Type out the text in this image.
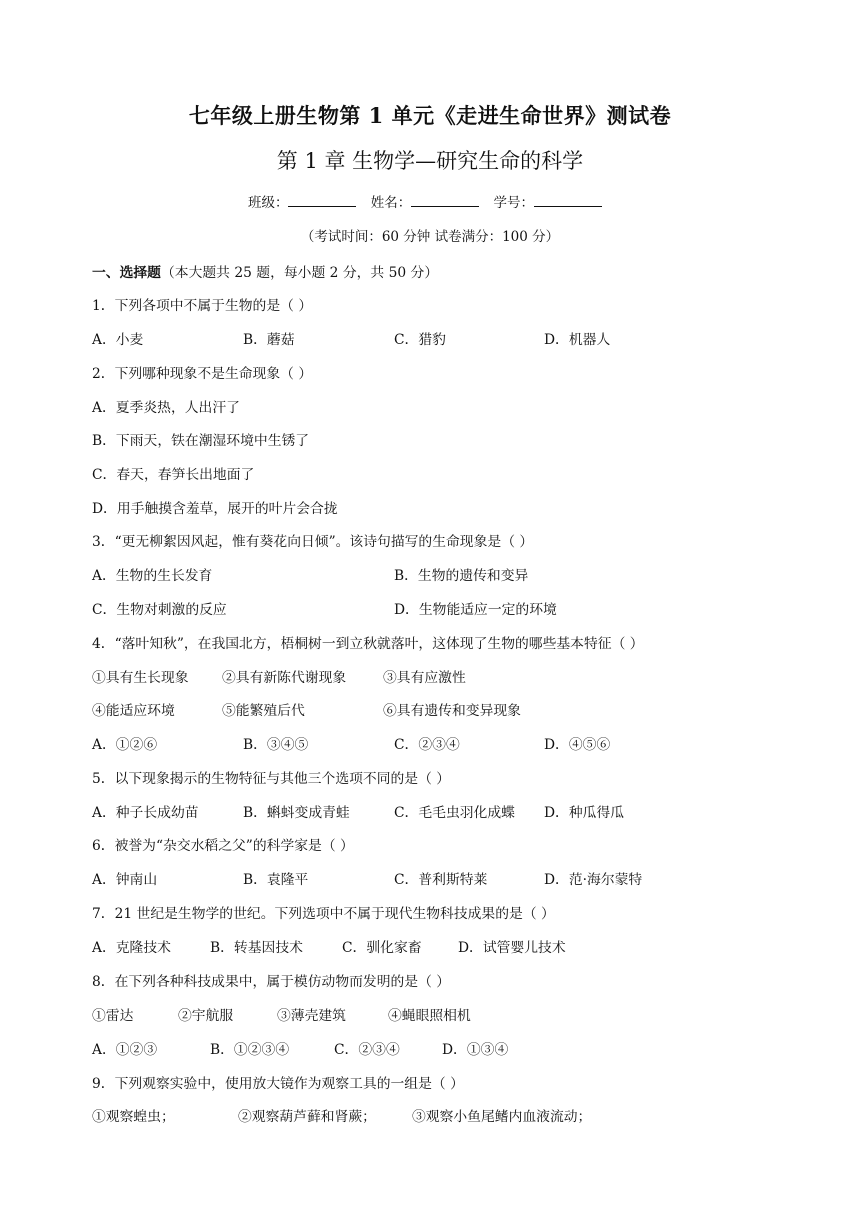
七年级上册生物第 1 单元《走进生命世界》测试卷
第 1 章 生物学—研究生命的科学
班级：	姓名：	学号：
（考试时间：60 分钟 试卷满分：100 分）
一、选择题（本大题共 25 题，每小题 2 分，共 50 分）
1．下列各项中不属于生物的是（ ）
A．小麦	B．蘑菇	C．猎豹	D．机器人
2．下列哪种现象不是生命现象（ ）
A．夏季炎热，人出汗了
B．下雨天，铁在潮湿环境中生锈了
C．春天，春笋长出地面了
D．用手触摸含羞草，展开的叶片会合拢
3．“更无柳絮因风起，惟有葵花向日倾”。该诗句描写的生命现象是（ ）
A．生物的生长发育	B．生物的遗传和变异
C．生物对刺激的反应	D．生物能适应一定的环境
4．“落叶知秋”，在我国北方，梧桐树一到立秋就落叶，这体现了生物的哪些基本特征（ ）
①具有生长现象 ②具有新陈代谢现象	③具有应激性
④能适应环境	⑤能繁殖后代	⑥具有遗传和变异现象
A．①②⑥	B．③④⑤	C．②③④	D．④⑤⑥
5．以下现象揭示的生物特征与其他三个选项不同的是（ ）
A．种子长成幼苗	B．蝌蚪变成青蛙	C．毛毛虫羽化成蝶 D．种瓜得瓜
6．被誉为“杂交水稻之父”的科学家是（ ）
A．钟南山	B．袁隆平	C．普利斯特莱	D．范·海尔蒙特
7．21 世纪是生物学的世纪。下列选项中不属于现代生物科技成果的是（ ）
A．克隆技术	B．转基因技术	C．驯化家畜	D．试管婴儿技术
8．在下列各种科技成果中，属于模仿动物而发明的是（ ）
①雷达	②宇航服	③薄壳建筑	④蝇眼照相机
A．①②③	B．①②③④	C．②③④	D．①③④
9．下列观察实验中，使用放大镜作为观察工具的一组是（ ）
①观察蝗虫；	②观察葫芦藓和肾蕨；	③观察小鱼尾鳍内血液流动；
